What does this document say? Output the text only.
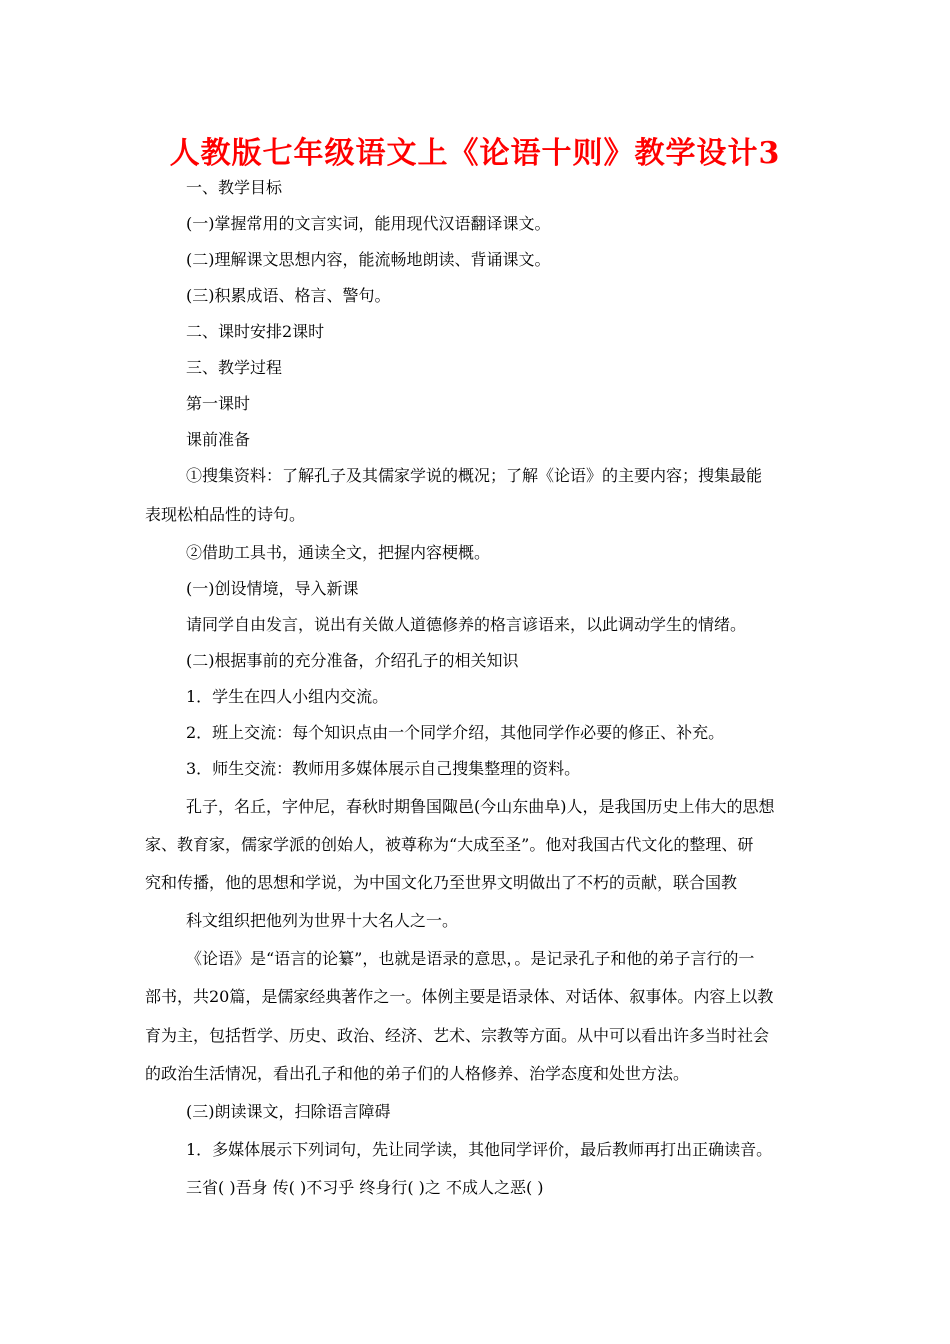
人教版七年级语文上《论语十则》教学设计3
一、教学目标
(一)掌握常用的文言实词，能用现代汉语翻译课文。
(二)理解课文思想内容，能流畅地朗读、背诵课文。
(三)积累成语、格言、警句。
二、课时安排2课时
三、教学过程
第一课时
课前准备
①搜集资料：了解孔子及其儒家学说的概况；了解《论语》的主要内容；搜集最能
表现松柏品性的诗句。
②借助工具书，通读全文，把握内容梗概。
(一)创设情境，导入新课
请同学自由发言，说出有关做人道德修养的格言谚语来，以此调动学生的情绪。
(二)根据事前的充分准备，介绍孔子的相关知识
1．学生在四人小组内交流。
2．班上交流：每个知识点由一个同学介绍，其他同学作必要的修正、补充。
3．师生交流：教师用多媒体展示自己搜集整理的资料。
孔子，名丘，字仲尼，春秋时期鲁国陬邑(今山东曲阜)人，是我国历史上伟大的思想
家、教育家，儒家学派的创始人，被尊称为“大成至圣”。他对我国古代文化的整理、研
究和传播，他的思想和学说，为中国文化乃至世界文明做出了不朽的贡献，联合国教
科文组织把他列为世界十大名人之一。
《论语》是“语言的论纂”，也就是语录的意思，。是记录孔子和他的弟子言行的一
部书，共20篇，是儒家经典著作之一。体例主要是语录体、对话体、叙事体。内容上以教
育为主，包括哲学、历史、政治、经济、艺术、宗教等方面。从中可以看出许多当时社会
的政治生活情况，看出孔子和他的弟子们的人格修养、治学态度和处世方法。
(三)朗读课文，扫除语言障碍
1．多媒体展示下列词句，先让同学读，其他同学评价，最后教师再打出正确读音。
三省( )吾身 传( )不习乎 终身行( )之 不成人之恶( )
